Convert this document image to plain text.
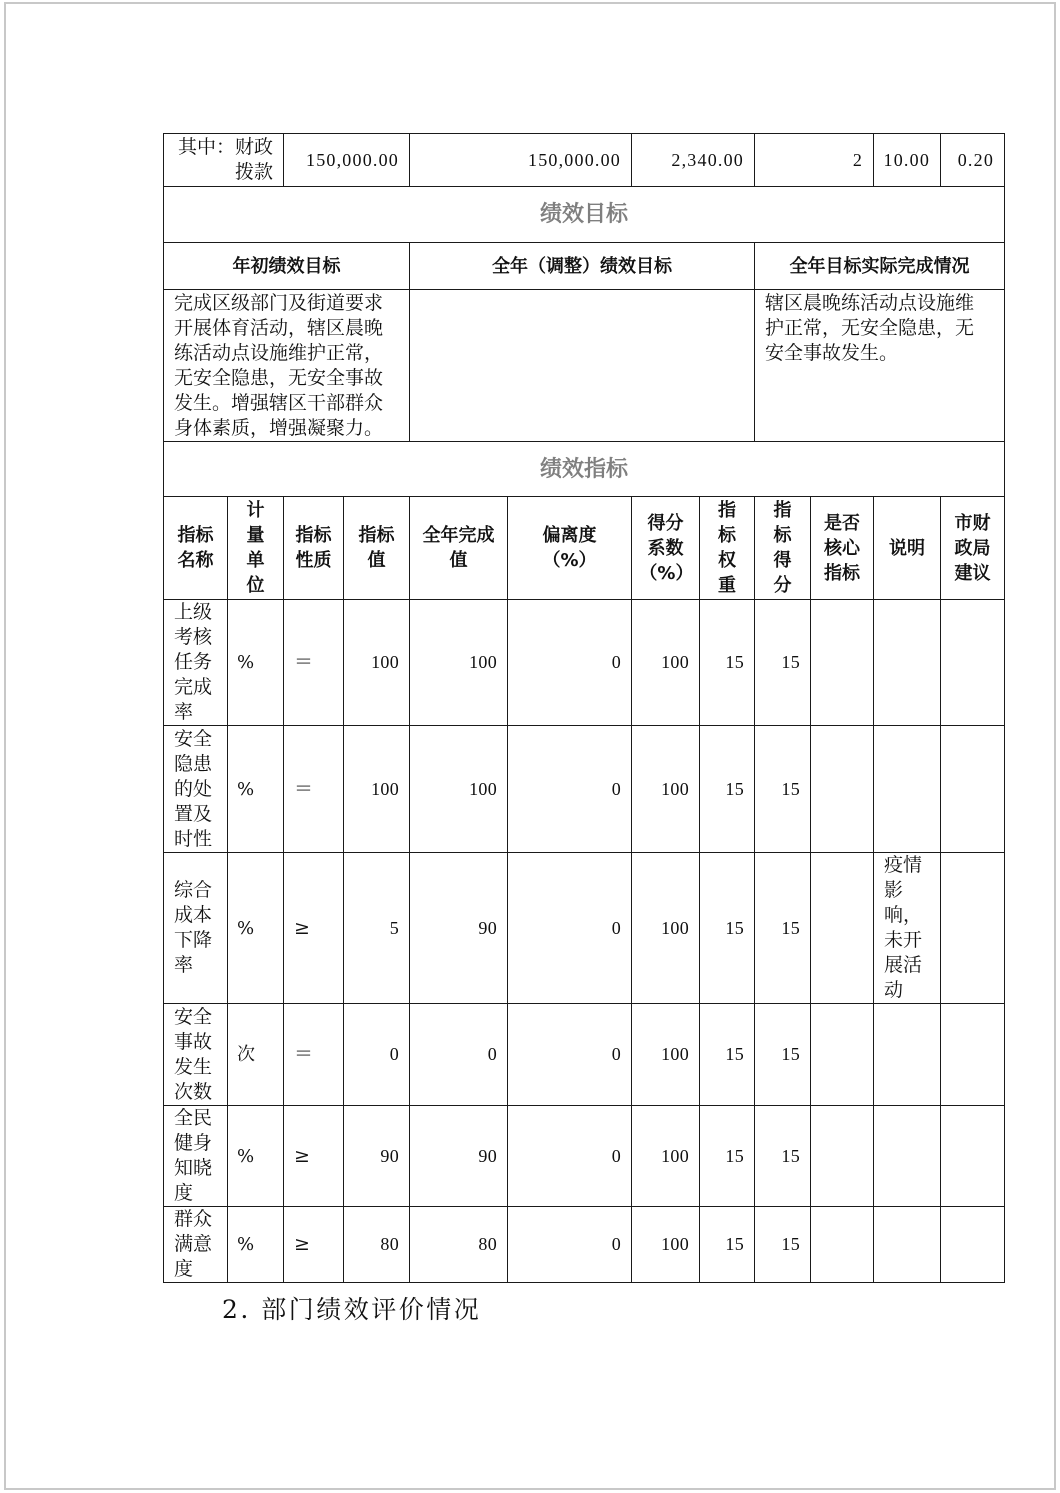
其中：财政拨款		150,000.00		150,000.00		2,340.00		2		10.00	0.20
绩效目标											
年初绩效目标				全年（调整）绩效目标				全年目标实际完成情况			
完成区级部门及街道要求开展体育活动，辖区晨晚练活动点设施维护正常，无安全隐患，无安全事故发生。增强辖区干部群众身体素质，增强凝聚力。								辖区晨晚练活动点设施维护正常，无安全隐患，无安全事故发生。			
绩效指标											
指标名称	计量单位	指标性质	指标值	全年完成值	偏离度（%）	得分系数（%）	指标权重	指标得分	是否核心指标	说明	市财政局建议
上级考核任务完成率	%	＝	100	100	0	100	15	15			
安全隐患的处置及时性	%	＝	100	100	0	100	15	15			
综合成本下降率	%	≥	5	90	0	100	15	15		疫情影响，未开展活动	
安全事故发生次数	次	＝	0	0	0	100	15	15			
全民健身知晓度	%	≥	90	90	0	100	15	15			
群众满意度	%	≥	80	80	0	100	15	15			
2. 部门绩效评价情况
